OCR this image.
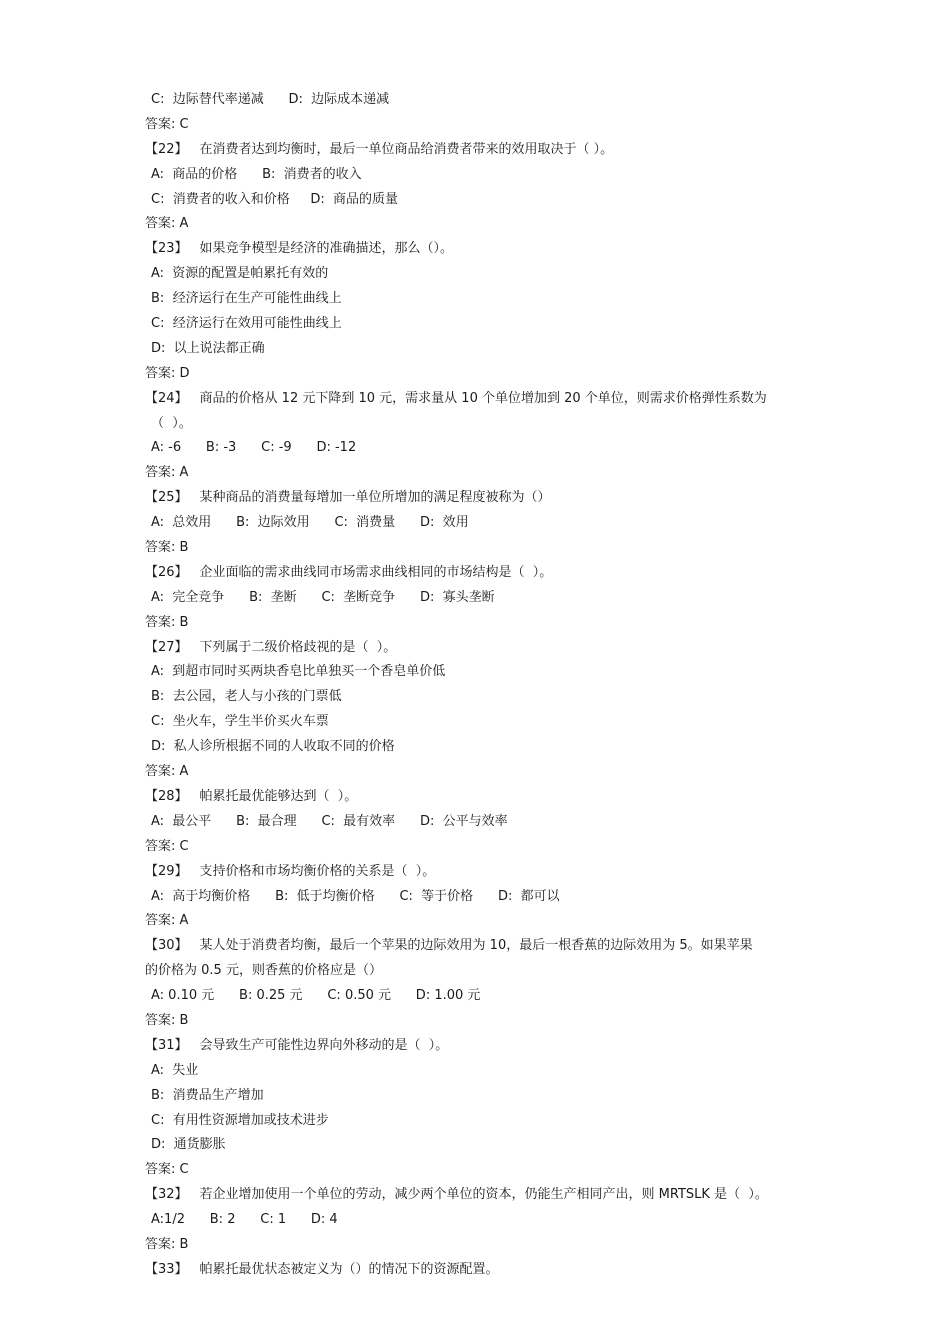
C:  边际替代率递减      D:  边际成本递减
答案: C
【22】 在消费者达到均衡时，最后一单位商品给消费者带来的效用取决于（ ）。
A:  商品的价格      B:  消费者的收入
C:  消费者的收入和价格     D:  商品的质量
答案: A
【23】 如果竞争模型是经济的准确描述，那么（）。
A:  资源的配置是帕累托有效的
B:  经济运行在生产可能性曲线上
C:  经济运行在效用可能性曲线上
D:  以上说法都正确
答案: D
【24】 商品的价格从 12 元下降到 10 元，需求量从 10 个单位增加到 20 个单位，则需求价格弹性系数为
（  ）。
A: -6      B: -3      C: -9      D: -12
答案: A
【25】 某种商品的消费量每增加一单位所增加的满足程度被称为（）
A:  总效用      B:  边际效用      C:  消费量      D:  效用
答案: B
【26】 企业面临的需求曲线同市场需求曲线相同的市场结构是（  ）。
A:  完全竞争      B:  垄断      C:  垄断竞争      D:  寡头垄断
答案: B
【27】 下列属于二级价格歧视的是（  ）。
A:  到超市同时买两块香皂比单独买一个香皂单价低
B:  去公园，老人与小孩的门票低
C:  坐火车，学生半价买火车票
D:  私人诊所根据不同的人收取不同的价格
答案: A
【28】 帕累托最优能够达到（  ）。
A:  最公平      B:  最合理      C:  最有效率      D:  公平与效率
答案: C
【29】 支持价格和市场均衡价格的关系是（  ）。
A:  高于均衡价格      B:  低于均衡价格      C:  等于价格      D:  都可以
答案: A
【30】 某人处于消费者均衡，最后一个苹果的边际效用为 10，最后一根香蕉的边际效用为 5。如果苹果
的价格为 0.5 元，则香蕉的价格应是（）
A: 0.10 元      B: 0.25 元      C: 0.50 元      D: 1.00 元
答案: B
【31】 会导致生产可能性边界向外移动的是（  ）。
A:  失业
B:  消费品生产增加
C:  有用性资源增加或技术进步
D:  通货膨胀
答案: C
【32】 若企业增加使用一个单位的劳动，减少两个单位的资本，仍能生产相同产出，则 MRTSLK 是（  ）。
A:1/2      B: 2      C: 1      D: 4
答案: B
【33】 帕累托最优状态被定义为（）的情况下的资源配置。
